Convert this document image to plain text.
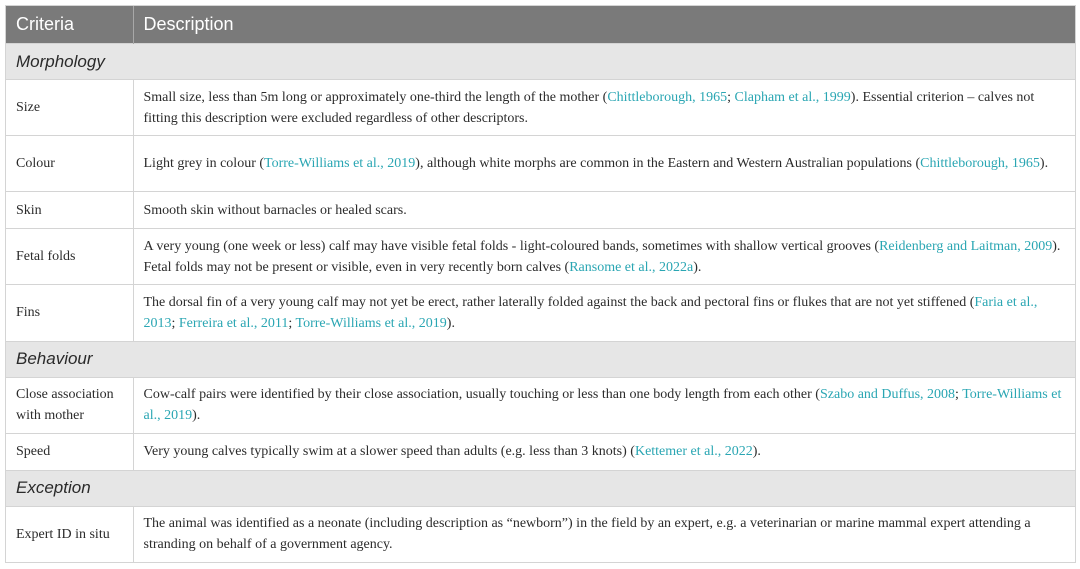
Criteria	Description
Morphology	
Size	Small size, less than 5m long or approximately one-third the length of the mother (Chittleborough, 1965; Clapham et al., 1999). Essential criterion – calves not fitting this description were excluded regardless of other descriptors.
Colour	Light grey in colour (Torre-Williams et al., 2019), although white morphs are common in the Eastern and Western Australian populations (Chittleborough, 1965).
Skin	Smooth skin without barnacles or healed scars.
Fetal folds	A very young (one week or less) calf may have visible fetal folds - light-coloured bands, sometimes with shallow vertical grooves (Reidenberg and Laitman, 2009). Fetal folds may not be present or visible, even in very recently born calves (Ransome et al., 2022a).
Fins	The dorsal fin of a very young calf may not yet be erect, rather laterally folded against the back and pectoral fins or flukes that are not yet stiffened (Faria et al., 2013; Ferreira et al., 2011; Torre-Williams et al., 2019).
Behaviour	
Close association with mother	Cow-calf pairs were identified by their close association, usually touching or less than one body length from each other (Szabo and Duffus, 2008; Torre-Williams et al., 2019).
Speed	Very young calves typically swim at a slower speed than adults (e.g. less than 3 knots) (Kettemer et al., 2022).
Exception	
Expert ID in situ	The animal was identified as a neonate (including description as “newborn”) in the field by an expert, e.g. a veterinarian or marine mammal expert attending a stranding on behalf of a government agency.
